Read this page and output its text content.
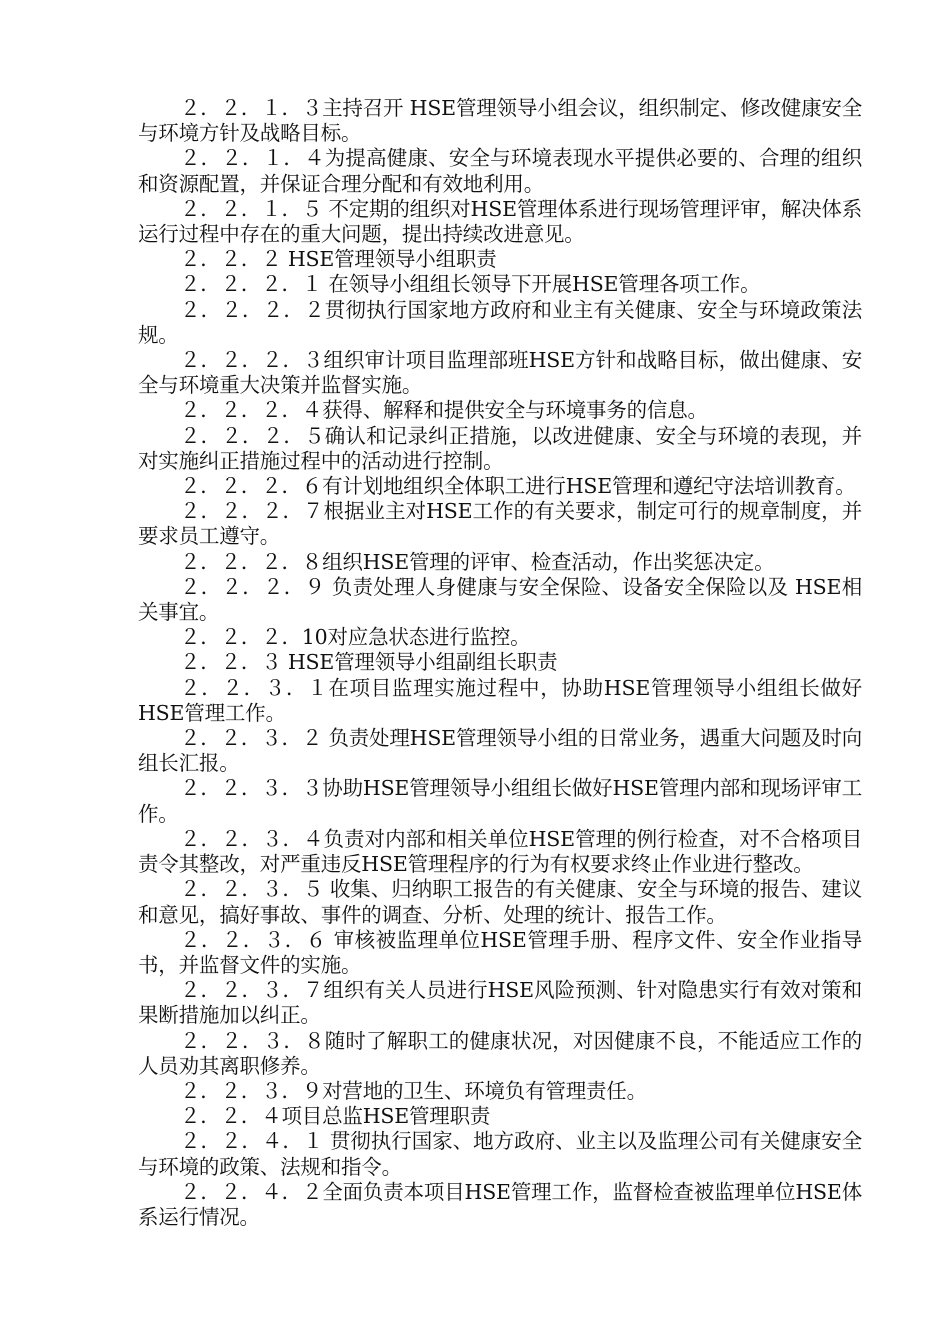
２．２．１．３主持召开 HSE管理领导小组会议，组织制定、修改健康安全与环境方针及战略目标。

２．２．１．４为提高健康、安全与环境表现水平提供必要的、合理的组织和资源配置，并保证合理分配和有效地利用。

２．２．１．５ 不定期的组织对HSE管理体系进行现场管理评审，解决体系运行过程中存在的重大问题，提出持续改进意见。

２．２．２ HSE管理领导小组职责

２．２．２．１ 在领导小组组长领导下开展HSE管理各项工作。

２．２．２．２贯彻执行国家地方政府和业主有关健康、安全与环境政策法规。

２．２．２．３组织审计项目监理部班HSE方针和战略目标，做出健康、安全与环境重大决策并监督实施。

２．２．２．４获得、解释和提供安全与环境事务的信息。

２．２．２．５确认和记录纠正措施，以改进健康、安全与环境的表现，并对实施纠正措施过程中的活动进行控制。

２．２．２．６有计划地组织全体职工进行HSE管理和遵纪守法培训教育。

２．２．２．７根据业主对HSE工作的有关要求，制定可行的规章制度，并要求员工遵守。

２．２．２．８组织HSE管理的评审、检查活动，作出奖惩决定。

２．２．２．９ 负责处理人身健康与安全保险、设备安全保险以及 HSE相关事宜。

２．２．２．10对应急状态进行监控。

２．２．３ HSE管理领导小组副组长职责

２．２．３．１在项目监理实施过程中，协助HSE管理领导小组组长做好HSE管理工作。

２．２．３．２ 负责处理HSE管理领导小组的日常业务，遇重大问题及时向组长汇报。

２．２．３．３协助HSE管理领导小组组长做好HSE管理内部和现场评审工作。

２．２．３．４负责对内部和相关单位HSE管理的例行检查，对不合格项目责令其整改，对严重违反HSE管理程序的行为有权要求终止作业进行整改。

２．２．３．５ 收集、归纳职工报告的有关健康、安全与环境的报告、建议和意见，搞好事故、事件的调查、分析、处理的统计、报告工作。

２．２．３．６ 审核被监理单位HSE管理手册、程序文件、安全作业指导书，并监督文件的实施。

２．２．３．７组织有关人员进行HSE风险预测、针对隐患实行有效对策和果断措施加以纠正。

２．２．３．８随时了解职工的健康状况，对因健康不良，不能适应工作的人员劝其离职修养。

２．２．３．９对营地的卫生、环境负有管理责任。

２．２．４项目总监HSE管理职责

２．２．４．１ 贯彻执行国家、地方政府、业主以及监理公司有关健康安全与环境的政策、法规和指令。

２．２．４．２全面负责本项目HSE管理工作，监督检查被监理单位HSE体系运行情况。
